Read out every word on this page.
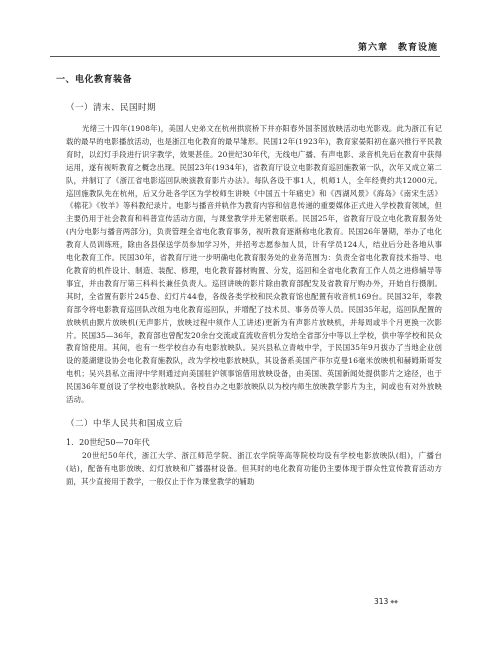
第六章　教育设施
一、电化教育装备
（一）清末、民国时期

光绪三十四年(1908年)，美国人史弟文在杭州拱宸桥下井亦阳春外国茶园放映活动电光影戏。此为浙江有记载的最早的电影播放活动，也是浙江电化教育的最早雏形。民国12年(1923年)，教育家晏阳初在嘉兴推行平民教育时，以幻灯手段进行识字教学，效果甚佳。20世纪30年代，无线电广播、有声电影、录音机先后在教育中获得运用，遂有视听教育之概念出现。民国23年(1934年)，省教育厅设立电影教育巡回施教第一队，次年又成立第二队，并制订了《浙江省电影巡回队映演教育影片办法》。每队各设干事1人，机师1人，全年经费约共12000元。巡回施教队先在杭州，后又分赴各学区为学校师生讲映《中国五十年痛史》和《西湖风景》《海岛》《南宋生活》《棉花》《牧羊》等科教纪录片。电影与播音并轨作为教育内容和信息传递的重要媒体正式进入学校教育领域，但主要仍用于社会教育和科普宣传活动方面，与课堂教学并无紧密联系。民国25年，省教育厅设立电化教育服务处(内分电影与播音两部分)，负责管理全省电化教育事务，视听教育逐渐称电化教育。民国26年暑期，举办了电化教育人员训练班，除由各县保送学员参加学习外，并招考志愿参加人员，计有学员124人，结业后分赴各地从事电化教育工作。民国30年，省教育厅进一步明确电化教育服务处的业务范围为：负责全省电化教育技术指导、电化教育的机件设计、制造、装配、修理，电化教育器材购置、分发，巡回和全省电化教育工作人员之进修辅导等事宜，并由教育厅第三科科长兼任负责人。巡回讲映的影片除由教育部配发及省教育厅购办外，开始自行摄制。其时，全省置有影片245卷、幻灯片44卷，各级各类学校和民众教育馆也配置有收音机169台。民国32年，奉教育部令将电影教育巡回队改组为电化教育巡回队，并增配了技术员、事务员等人员。民国35年起，巡回队配置的放映机由默片放映机(无声影片，放映过程中须作人工讲述)更新为有声影片放映机，并每周或半个月更换一次影片。民国35—36年，教育部也曾配发20余台交流或直流收音机分发给全省部分中等以上学校，供中等学校和民众教育馆使用。其间，也有一些学校自办有电影放映队。吴兴县私立青岐中学，于民国35年9月拔办了当地企业创设的菱湖建设协会电化教育施教队，改为学校电影放映队，其设备系美国产菲尔克曼16毫米放映机和赫姆斯哥发电机；吴兴县私立南浔中学则通过向美国驻沪领事馆借用放映设备，由美国、英国新闻处提供影片之途径，也于民国36年夏创设了学校电影放映队。各校自办之电影放映队以为校内师生放映教学影片为主，间或也有对外放映活动。

（二）中华人民共和国成立后
1．20世纪50—70年代

20世纪50年代，浙江大学、浙江师范学院、浙江农学院等高等院校均设有学校电影放映队(组)，广播台(站)，配备有电影放映、幻灯放映和广播器材设备。但其时的电化教育功能仍主要体现于群众性宣传教育活动方面，其少直接用于教学，一般仅止于作为课堂教学的辅助

313 ◆◆
